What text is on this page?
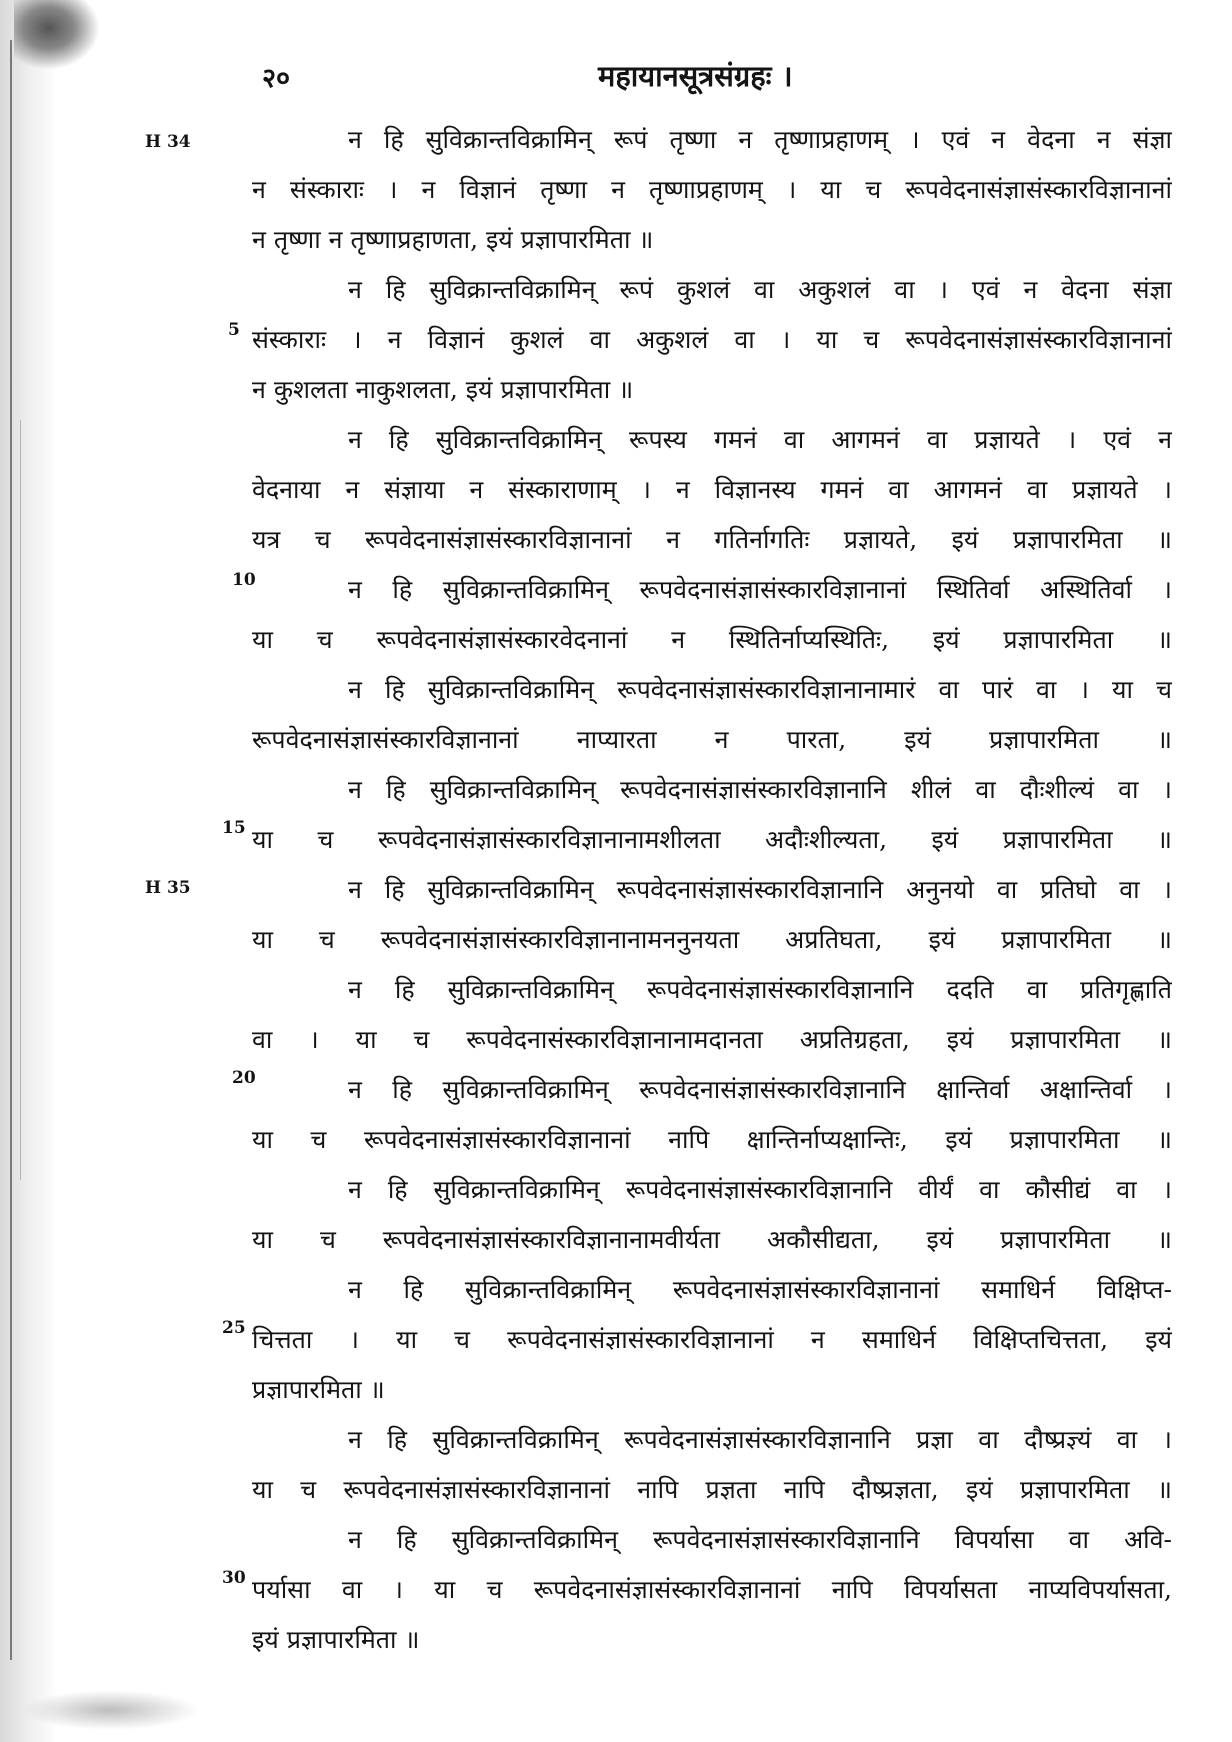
२०	महायानसूत्रसंग्रहः ।
H 34
H 35
5
10
15
20
25
30
न हि सुविक्रान्तविक्रामिन् रूपं तृष्णा न तृष्णाप्रहाणम् । एवं न वेदना न संज्ञा
न संस्काराः । न विज्ञानं तृष्णा न तृष्णाप्रहाणम् । या च रूपवेदनासंज्ञासंस्कारविज्ञानानां
न तृष्णा न तृष्णाप्रहाणता, इयं प्रज्ञापारमिता ॥
न हि सुविक्रान्तविक्रामिन् रूपं कुशलं वा अकुशलं वा । एवं न वेदना संज्ञा
संस्काराः । न विज्ञानं कुशलं वा अकुशलं वा । या च रूपवेदनासंज्ञासंस्कारविज्ञानानां
न कुशलता नाकुशलता, इयं प्रज्ञापारमिता ॥
न हि सुविक्रान्तविक्रामिन् रूपस्य गमनं वा आगमनं वा प्रज्ञायते । एवं न
वेदनाया न संज्ञाया न संस्काराणाम् । न विज्ञानस्य गमनं वा आगमनं वा प्रज्ञायते ।
यत्र च रूपवेदनासंज्ञासंस्कारविज्ञानानां न गतिर्नागतिः प्रज्ञायते, इयं प्रज्ञापारमिता ॥
न हि सुविक्रान्तविक्रामिन् रूपवेदनासंज्ञासंस्कारविज्ञानानां स्थितिर्वा अस्थितिर्वा ।
या च रूपवेदनासंज्ञासंस्कारवेदनानां न स्थितिर्नाप्यस्थितिः, इयं प्रज्ञापारमिता ॥
न हि सुविक्रान्तविक्रामिन् रूपवेदनासंज्ञासंस्कारविज्ञानानामारं वा पारं वा । या च
रूपवेदनासंज्ञासंस्कारविज्ञानानां नाप्यारता न पारता, इयं प्रज्ञापारमिता ॥
न हि सुविक्रान्तविक्रामिन् रूपवेदनासंज्ञासंस्कारविज्ञानानि शीलं वा दौःशील्यं वा ।
या च रूपवेदनासंज्ञासंस्कारविज्ञानानामशीलता अदौःशील्यता, इयं प्रज्ञापारमिता ॥
न हि सुविक्रान्तविक्रामिन् रूपवेदनासंज्ञासंस्कारविज्ञानानि अनुनयो वा प्रतिघो वा ।
या च रूपवेदनासंज्ञासंस्कारविज्ञानानामननुनयता अप्रतिघता, इयं प्रज्ञापारमिता ॥
न हि सुविक्रान्तविक्रामिन् रूपवेदनासंज्ञासंस्कारविज्ञानानि ददति वा प्रतिगृह्णाति
वा । या च रूपवेदनासंस्कारविज्ञानानामदानता अप्रतिग्रहता, इयं प्रज्ञापारमिता ॥
न हि सुविक्रान्तविक्रामिन् रूपवेदनासंज्ञासंस्कारविज्ञानानि क्षान्तिर्वा अक्षान्तिर्वा ।
या च रूपवेदनासंज्ञासंस्कारविज्ञानानां नापि क्षान्तिर्नाप्यक्षान्तिः, इयं प्रज्ञापारमिता ॥
न हि सुविक्रान्तविक्रामिन् रूपवेदनासंज्ञासंस्कारविज्ञानानि वीर्यं वा कौसीद्यं वा ।
या च रूपवेदनासंज्ञासंस्कारविज्ञानानामवीर्यता अकौसीद्यता, इयं प्रज्ञापारमिता ॥
न हि सुविक्रान्तविक्रामिन् रूपवेदनासंज्ञासंस्कारविज्ञानानां समाधिर्न विक्षिप्त-
चित्तता । या च रूपवेदनासंज्ञासंस्कारविज्ञानानां न समाधिर्न विक्षिप्तचित्तता, इयं
प्रज्ञापारमिता ॥
न हि सुविक्रान्तविक्रामिन् रूपवेदनासंज्ञासंस्कारविज्ञानानि प्रज्ञा वा दौष्प्रज्ञ्यं वा ।
या च रूपवेदनासंज्ञासंस्कारविज्ञानानां नापि प्रज्ञता नापि दौष्प्रज्ञता, इयं प्रज्ञापारमिता ॥
न हि सुविक्रान्तविक्रामिन् रूपवेदनासंज्ञासंस्कारविज्ञानानि विपर्यासा वा अवि-
पर्यासा वा । या च रूपवेदनासंज्ञासंस्कारविज्ञानानां नापि विपर्यासता नाप्यविपर्यासता,
इयं प्रज्ञापारमिता ॥
